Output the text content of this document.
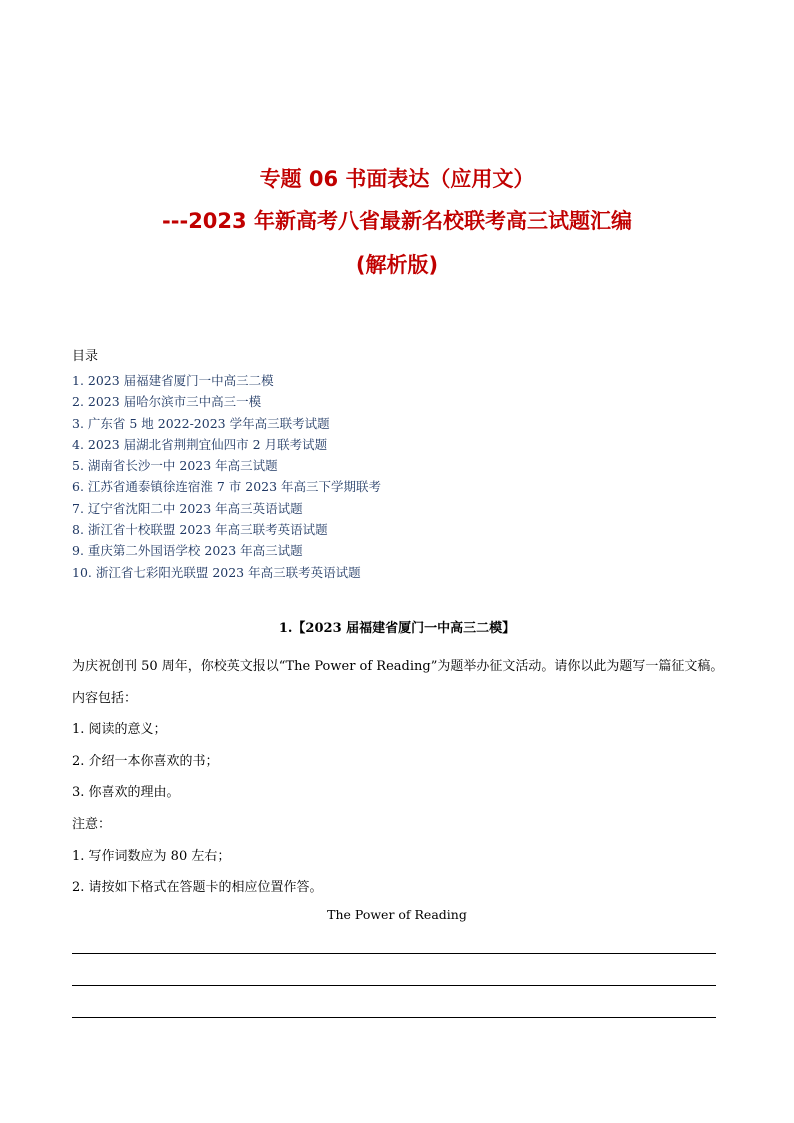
专题 06 书面表达（应用文）
---2023 年新高考八省最新名校联考高三试题汇编
(解析版)
目录
1. 2023 届福建省厦门一中高三二模
2. 2023 届哈尔滨市三中高三一模
3. 广东省 5 地 2022-2023 学年高三联考试题
4. 2023 届湖北省荆荆宜仙四市 2 月联考试题
5. 湖南省长沙一中 2023 年高三试题
6. 江苏省通泰镇徐连宿淮 7 市 2023 年高三下学期联考
7. 辽宁省沈阳二中 2023 年高三英语试题
8. 浙江省十校联盟 2023 年高三联考英语试题
9. 重庆第二外国语学校 2023 年高三试题
10. 浙江省七彩阳光联盟 2023 年高三联考英语试题
1.【2023 届福建省厦门一中高三二模】
为庆祝创刊 50 周年，你校英文报以“The Power of Reading”为题举办征文活动。请你以此为题写一篇征文稿。
内容包括：
1. 阅读的意义；
2. 介绍一本你喜欢的书；
3. 你喜欢的理由。
注意：
1. 写作词数应为 80 左右；
2. 请按如下格式在答题卡的相应位置作答。
The Power of Reading
